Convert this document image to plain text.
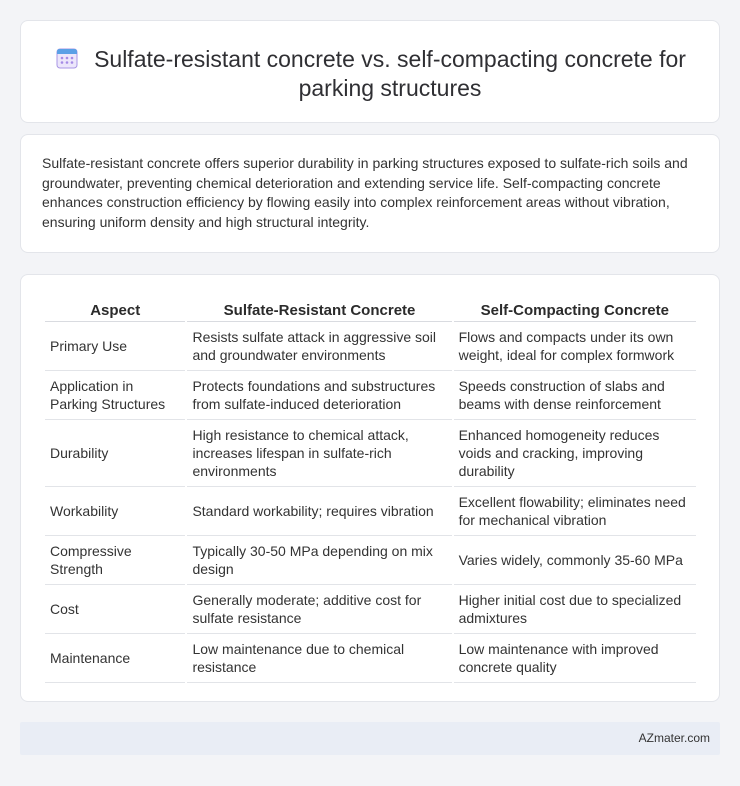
Sulfate-resistant concrete vs. self-compacting concrete for parking structures

Sulfate-resistant concrete offers superior durability in parking structures exposed to sulfate-rich soils and groundwater, preventing chemical deterioration and extending service life. Self-compacting concrete enhances construction efficiency by flowing easily into complex reinforcement areas without vibration, ensuring uniform density and high structural integrity.

Aspect	Sulfate-Resistant Concrete	Self-Compacting Concrete
Primary Use	Resists sulfate attack in aggressive soil and groundwater environments	Flows and compacts under its own weight, ideal for complex formwork
Application in Parking Structures	Protects foundations and substructures from sulfate-induced deterioration	Speeds construction of slabs and beams with dense reinforcement
Durability	High resistance to chemical attack, increases lifespan in sulfate-rich environments	Enhanced homogeneity reduces voids and cracking, improving durability
Workability	Standard workability; requires vibration	Excellent flowability; eliminates need for mechanical vibration
Compressive Strength	Typically 30-50 MPa depending on mix design	Varies widely, commonly 35-60 MPa
Cost	Generally moderate; additive cost for sulfate resistance	Higher initial cost due to specialized admixtures
Maintenance	Low maintenance due to chemical resistance	Low maintenance with improved concrete quality
AZmater.com
